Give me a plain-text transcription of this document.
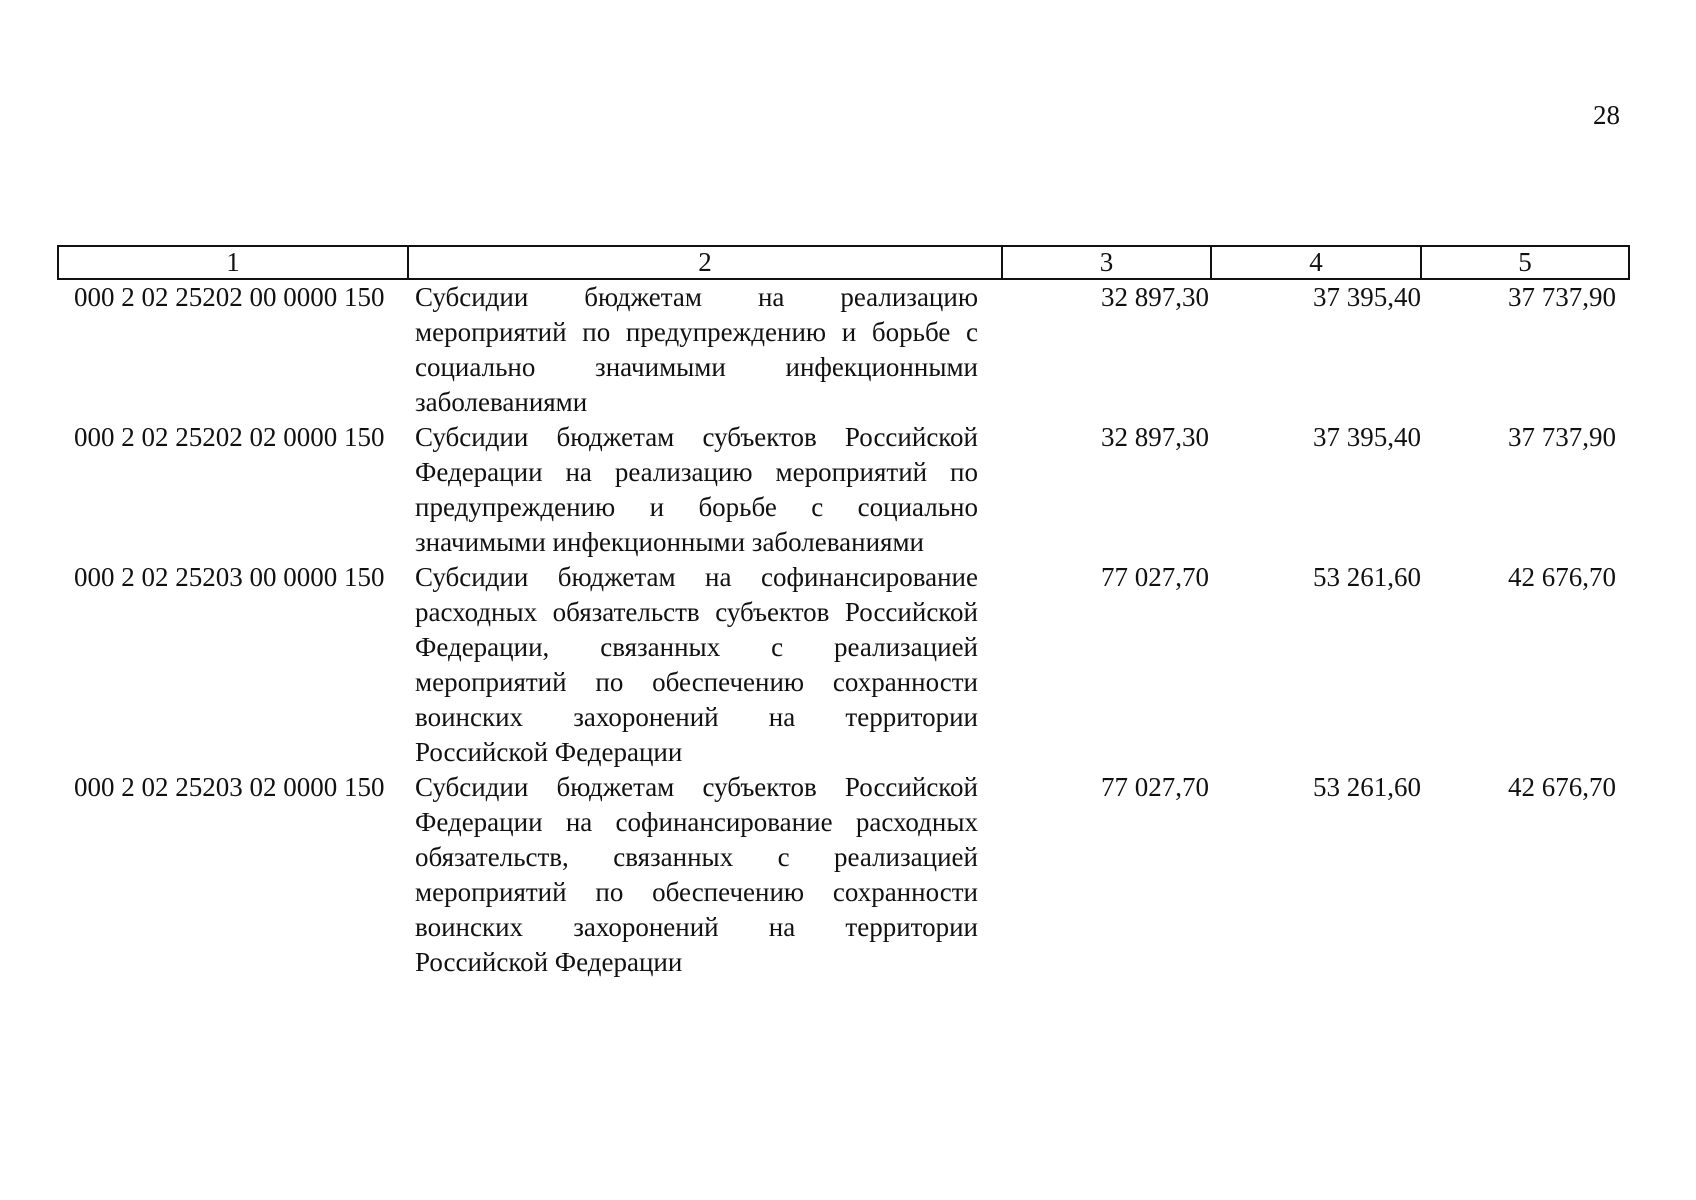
28
1	2	3	4	5
000 2 02 25202 00 0000 150	Субсидии бюджетам на реализацию мероприятий по предупреждению и борьбе с социально значимыми инфекционными заболеваниями	32 897,30	37 395,40	37 737,90
000 2 02 25202 02 0000 150	Субсидии бюджетам субъектов Российской Федерации на реализацию мероприятий по предупреждению и борьбе с социально значимыми инфекционными заболеваниями	32 897,30	37 395,40	37 737,90
000 2 02 25203 00 0000 150	Субсидии бюджетам на софинансирование расходных обязательств субъектов Российской Федерации, связанных с реализацией мероприятий по обеспечению сохранности воинских захоронений на территории Российской Федерации	77 027,70	53 261,60	42 676,70
000 2 02 25203 02 0000 150	Субсидии бюджетам субъектов Российской Федерации на софинансирование расходных обязательств, связанных с реализацией мероприятий по обеспечению сохранности воинских захоронений на территории Российской Федерации	77 027,70	53 261,60	42 676,70
